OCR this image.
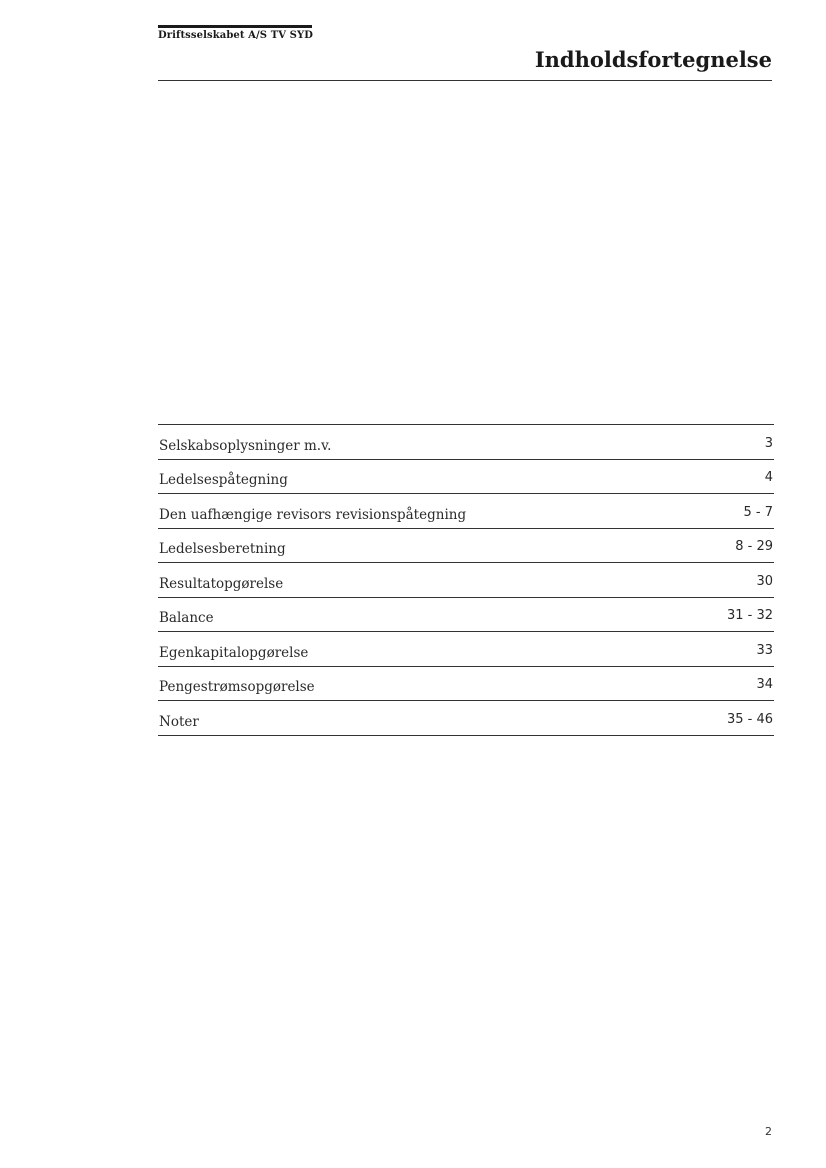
Driftsselskabet A/S TV SYD
Indholdsfortegnelse
Selskabsoplysninger m.v.	3
Ledelsespåtegning	4
Den uafhængige revisors revisionspåtegning	5 - 7
Ledelsesberetning	8 - 29
Resultatopgørelse	30
Balance	31 - 32
Egenkapitalopgørelse	33
Pengestrømsopgørelse	34
Noter	35 - 46
2
